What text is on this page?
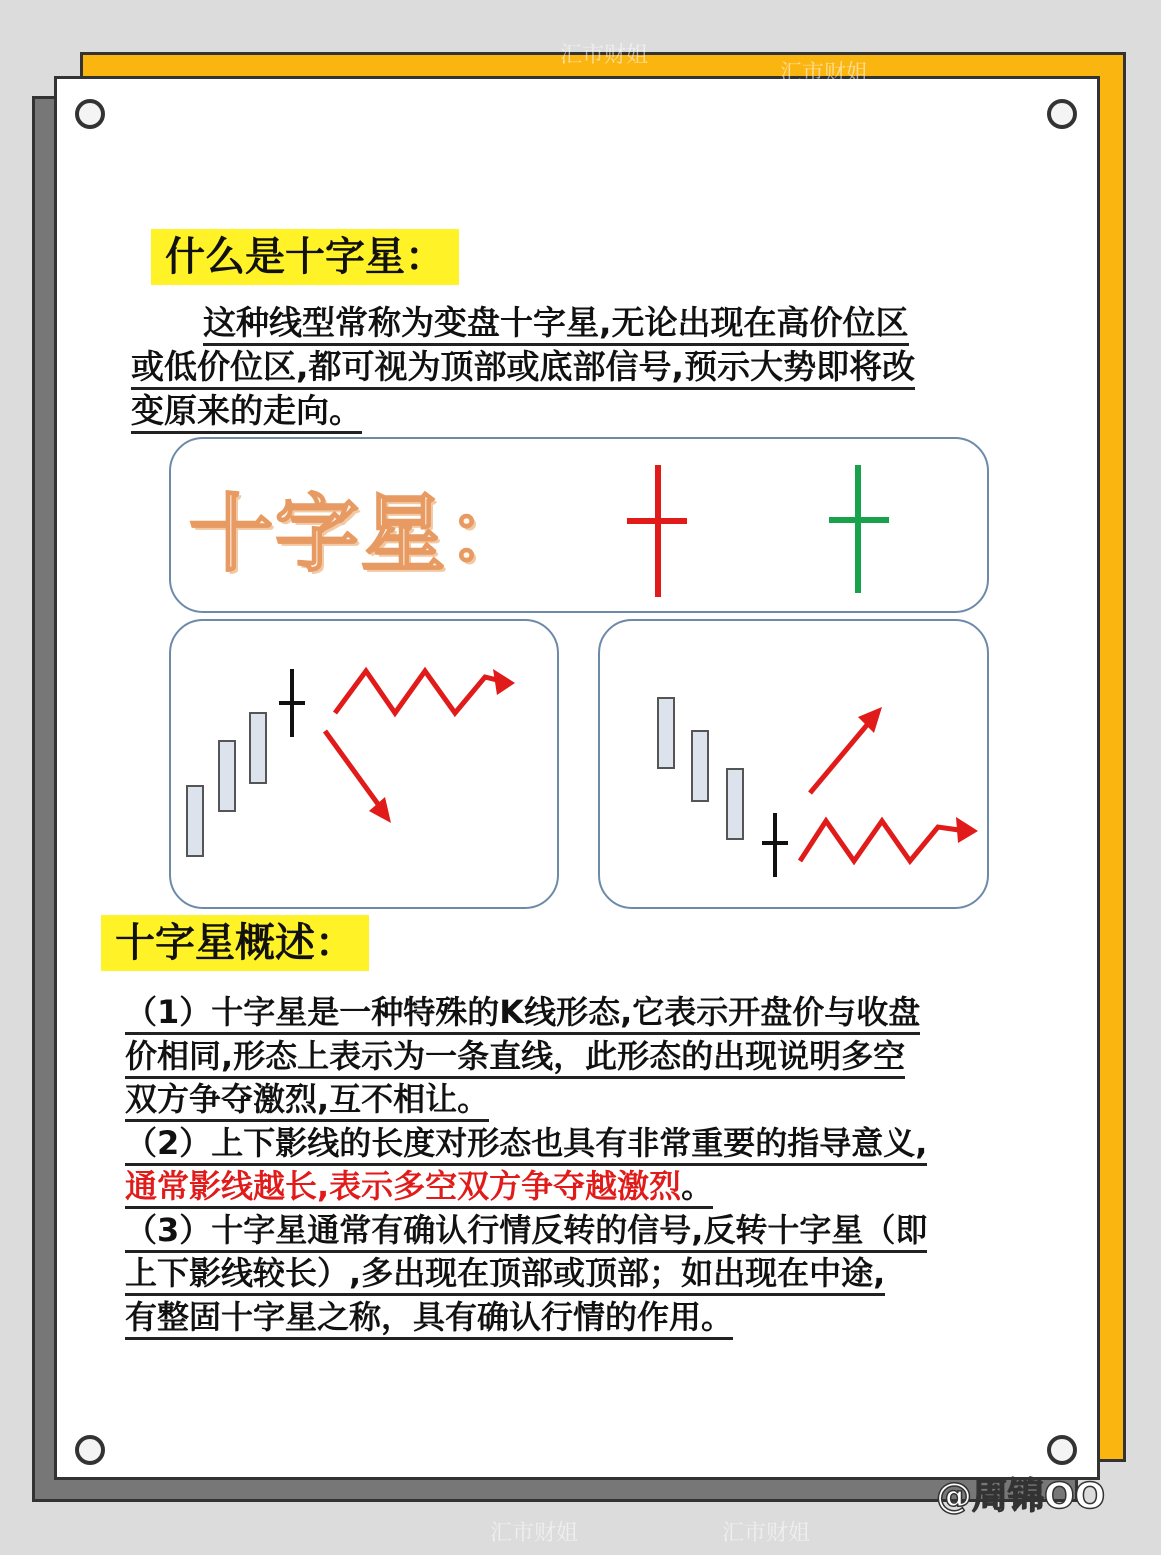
什么是十字星：
这种线型常称为变盘十字星,无论出现在高价位区
或低价位区,都可视为顶部或底部信号,预示大势即将改
变原来的走向。
十字星：
十字星概述：
（1）十字星是一种特殊的K线形态,它表示开盘价与收盘
价相同,形态上表示为一条直线，此形态的出现说明多空
双方争夺激烈,互不相让。
（2）上下影线的长度对形态也具有非常重要的指导意义,
通常影线越长,表示多空双方争夺越激烈。
（3）十字星通常有确认行情反转的信号,反转十字星（即
上下影线较长）,多出现在顶部或顶部；如出现在中途,
有整固十字星之称，具有确认行情的作用。
汇市财姐
汇市财姐
汇市财姐	汇市财姐
@周锦OO
